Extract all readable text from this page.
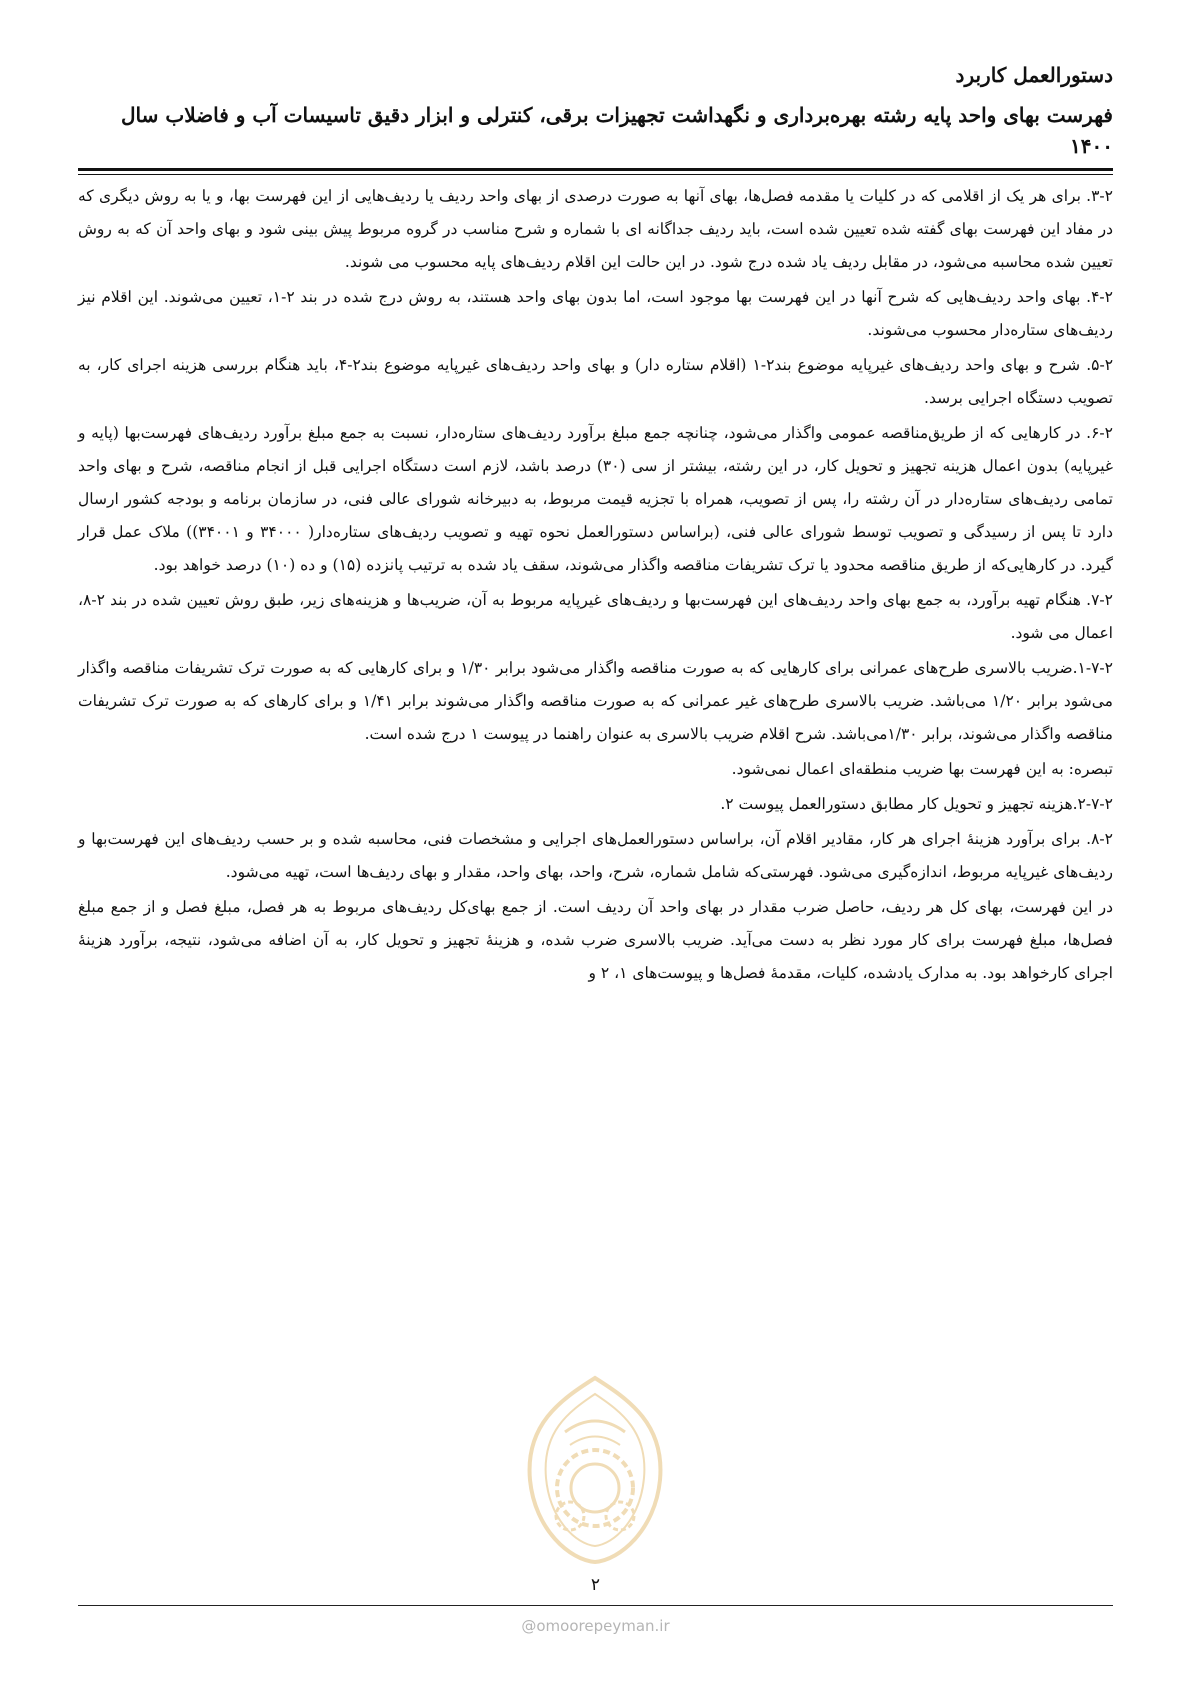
دستورالعمل کاربرد
فهرست بهای واحد پایه رشته بهره‌برداری و نگهداشت تجهیزات برقی، کنترلی و ابزار دقیق تاسیسات آب و فاضلاب سال ۱۴۰۰

۳-۲. برای هر یک از اقلامی که در کلیات یا مقدمه فصل‌ها، بهای آنها به صورت درصدی از بهای واحد ردیف یا ردیف‌هایی از این فهرست بها، و یا به روش دیگری که در مفاد این فهرست بهای گفته شده تعیین شده است، باید ردیف جداگانه ای با شماره و شرح مناسب در گروه مربوط پیش بینی شود و بهای واحد آن که به روش تعیین شده محاسبه می‌شود، در مقابل ردیف یاد شده درج شود. در این حالت این اقلام ردیف‌های پایه محسوب می شوند.

۴-۲. بهای واحد ردیف‌هایی که شرح آنها در این فهرست بها موجود است، اما بدون بهای واحد هستند، به روش درج شده در بند ۲-۱، تعیین می‌شوند. این اقلام نیز ردیف‌های ستاره‌دار محسوب می‌شوند.

۵-۲. شرح و بهای واحد ردیف‌های غیرپایه موضوع بند۲-۱ (اقلام ستاره دار) و بهای واحد ردیف‌های غیرپایه موضوع بند۲-۴، باید هنگام بررسی هزینه اجرای کار، به تصویب دستگاه اجرایی برسد.

۶-۲. در کارهایی که از طریق‌مناقصه عمومی واگذار می‌شود، چنانچه جمع مبلغ برآورد ردیف‌های ستاره‌دار، نسبت به جمع مبلغ برآورد ردیف‌های فهرست‌بها (پایه و غیرپایه) بدون اعمال هزینه تجهیز و تحویل کار، در این رشته، بیشتر از سی (۳۰) درصد باشد، لازم است دستگاه اجرایی قبل از انجام مناقصه، شرح و بهای واحد تمامی ردیف‌های ستاره‌دار در آن رشته را، پس از تصویب، همراه با تجزیه قیمت مربوط، به دبیرخانه شورای عالی فنی، در سازمان برنامه و بودجه کشور ارسال دارد تا پس از رسیدگی و تصویب توسط شورای عالی فنی، (براساس دستورالعمل نحوه تهیه و تصویب ردیف‌های ستاره‌دار( ۳۴۰۰۰ و ۳۴۰۰۱)) ملاک عمل قرار گیرد. در کارهایی‌که از طریق مناقصه محدود یا ترک تشریفات مناقصه واگذار می‌شوند، سقف یاد شده به ترتیب پانزده (۱۵) و ده (۱۰) درصد خواهد بود.

۷-۲. هنگام تهیه برآورد، به جمع بهای واحد ردیف‌های این فهرست‌بها و ردیف‌های غیرپایه مربوط به آن، ضریب‌ها و هزینه‌های زیر، طبق روش تعیین شده در بند ۲-۸، اعمال می شود.

۱-۷-۲.ضریب بالاسری طرح‌های عمرانی برای کارهایی که به صورت مناقصه واگذار می‌شود برابر ۱/۳۰ و برای کارهایی که به صورت ترک تشریفات مناقصه واگذار می‌شود برابر ۱/۲۰ می‌باشد. ضریب بالاسری طرح‌های غیر عمرانی که به صورت مناقصه واگذار می‌شوند برابر ۱/۴۱ و برای کارهای که به صورت ترک تشریفات مناقصه واگذار می‌شوند، برابر ۱/۳۰می‌باشد. شرح اقلام ضریب بالاسری به عنوان راهنما در پیوست ۱ درج شده است.

تبصره: به این فهرست بها ضریب منطقه‌ای اعمال نمی‌شود.

۲-۷-۲.هزینه تجهیز و تحویل کار مطابق دستورالعمل پیوست ۲.

۸-۲. برای برآورد هزینۀ اجرای هر کار، مقادیر اقلام آن، براساس دستورالعمل‌های اجرایی و مشخصات فنی، محاسبه شده و بر حسب ردیف‌های این فهرست‌بها و ردیف‌های غیرپایه مربوط، اندازه‌گیری می‌شود. فهرستی‌که شامل شماره، شرح، واحد، بهای واحد، مقدار و بهای ردیف‌ها است، تهیه می‌شود.

در این فهرست، بهای کل هر ردیف، حاصل ضرب مقدار در بهای واحد آن ردیف است. از جمع بهای‌کل ردیف‌های مربوط به هر فصل، مبلغ فصل و از جمع مبلغ فصل‌ها، مبلغ فهرست برای کار مورد نظر به دست می‌آید. ضریب بالاسری ضرب شده، و هزینۀ تجهیز و تحویل کار، به آن اضافه می‌شود، نتیجه، برآورد هزینۀ اجرای کارخواهد بود. به مدارک یادشده، کلیات، مقدمۀ فصل‌ها و پیوست‌های ۱، ۲ و

۲
@omoorepeyman.ir
